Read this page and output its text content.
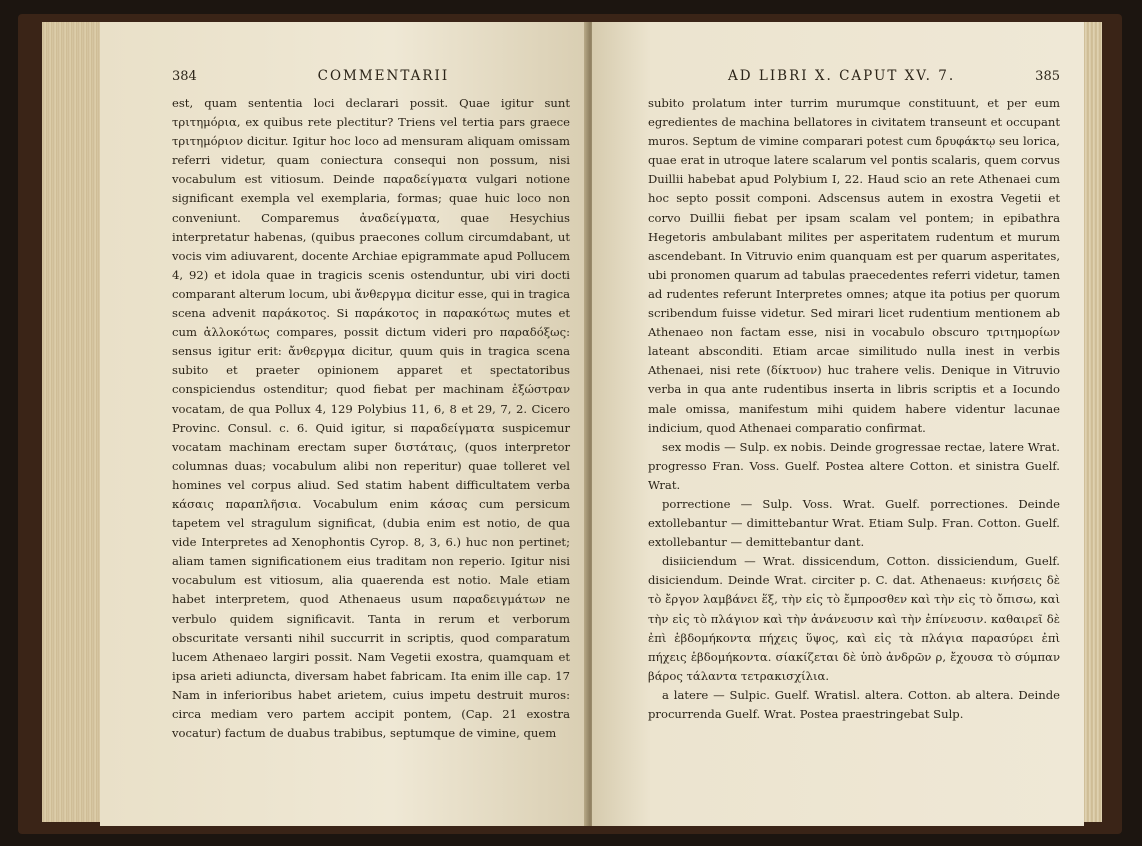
384	COMMENTARII

est, quam sententia loci declarari possit. Quae igitur sunt τριτημόρια, ex quibus rete plectitur? Triens vel tertia pars graece τριτημόριον dicitur. Igitur hoc loco ad mensuram aliquam omissam referri videtur, quam coniectura consequi non possum, nisi vocabulum est vitiosum. Deinde παραδείγματα vulgari notione significant exempla vel exemplaria, formas; quae huic loco non conveniunt. Comparemus ἀναδείγματα, quae Hesychius interpretatur habenas, (quibus praecones collum circumdabant, ut vocis vim adiuvarent, docente Archiae epigrammate apud Pollucem 4, 92) et idola quae in tragicis scenis ostenduntur, ubi viri docti comparant alterum locum, ubi ἄνθεργμα dicitur esse, qui in tragica scena advenit παράκοτος. Si παράκοτος in παρακότως mutes et cum ἀλλοκότως compares, possit dictum videri pro παραδόξως: sensus igitur erit: ἄνθεργμα dicitur, quum quis in tragica scena subito et praeter opinionem apparet et spectatoribus conspiciendus ostenditur; quod fiebat per machinam ἐξώστραν vocatam, de qua Pollux 4, 129 Polybius 11, 6, 8 et 29, 7, 2. Cicero Provinc. Consul. c. 6. Quid igitur, si παραδείγματα suspicemur vocatam machinam erectam super διστάταις, (quos interpretor columnas duas; vocabulum alibi non reperitur) quae tolleret vel homines vel corpus aliud. Sed statim habent difficultatem verba κάσαις παραπλῆσια. Vocabulum enim κάσας cum persicum tapetem vel stragulum significat, (dubia enim est notio, de qua vide Interpretes ad Xenophontis Cyrop. 8, 3, 6.) huc non pertinet; aliam tamen significationem eius traditam non reperio. Igitur nisi vocabulum est vitiosum, alia quaerenda est notio. Male etiam habet interpretem, quod Athenaeus usum παραδειγμάτων ne verbulo quidem significavit. Tanta in rerum et verborum obscuritate versanti nihil succurrit in scriptis, quod comparatum lucem Athenaeo largiri possit. Nam Vegetii exostra, quamquam et ipsa arieti adiuncta, diversam habet fabricam. Ita enim ille cap. 17 Nam in inferioribus habet arietem, cuius impetu destruit muros: circa mediam vero partem accipit pontem, (Cap. 21 exostra vocatur) factum de duabus trabibus, septumque de vimine, quem

AD LIBRI X. CAPUT XV. 7.	385

subito prolatum inter turrim murumque constituunt, et per eum egredientes de machina bellatores in civitatem transeunt et occupant muros. Septum de vimine comparari potest cum δρυφάκτῳ seu lorica, quae erat in utroque latere scalarum vel pontis scalaris, quem corvus Duillii habebat apud Polybium I, 22. Haud scio an rete Athenaei cum hoc septo possit componi. Adscensus autem in exostra Vegetii et corvo Duillii fiebat per ipsam scalam vel pontem; in epibathra Hegetoris ambulabant milites per asperitatem rudentum et murum ascendebant. In Vitruvio enim quanquam est per quarum asperitates, ubi pronomen quarum ad tabulas praecedentes referri videtur, tamen ad rudentes referunt Interpretes omnes; atque ita potius per quorum scribendum fuisse videtur. Sed mirari licet rudentium mentionem ab Athenaeo non factam esse, nisi in vocabulo obscuro τριτημορίων lateant absconditi. Etiam arcae similitudo nulla inest in verbis Athenaei, nisi rete (δίκτυον) huc trahere velis. Denique in Vitruvio verba in qua ante rudentibus inserta in libris scriptis et a Iocundo male omissa, manifestum mihi quidem habere videntur lacunae indicium, quod Athenaei comparatio confirmat.

sex modis — Sulp. ex nobis. Deinde grogressae rectae, latere Wrat. progresso Fran. Voss. Guelf. Postea altere Cotton. et sinistra Guelf. Wrat.

porrectione — Sulp. Voss. Wrat. Guelf. porrectiones. Deinde extollebantur — dimittebantur Wrat. Etiam Sulp. Fran. Cotton. Guelf. extollebantur — demittebantur dant.

disiiciendum — Wrat. dissicendum, Cotton. dissiciendum, Guelf. disiciendum. Deinde Wrat. circiter p. C. dat. Athenaeus: κινήσεις δὲ τὸ ἔργον λαμβάνει ἕξ, τὴν εἰς τὸ ἔμπροσθεν καὶ τὴν εἰς τὸ ὄπισω, καὶ τὴν εἰς τὸ πλάγιον καὶ τὴν ἀνάνευσιν καὶ τὴν ἐπίνευσιν. καθαιρεῖ δὲ ἐπὶ ἑβδομήκοντα πήχεις ὕψος, καὶ εἰς τὰ πλάγια παρασύρει ἐπὶ πήχεις ἑβδομήκοντα. σίακίζεται δὲ ὑπὸ ἀνδρῶν ρ, ἔχουσα τὸ σύμπαν βάρος τάλαντα τετρακισχίλια.

a latere — Sulpic. Guelf. Wratisl. altera. Cotton. ab altera. Deinde procurrenda Guelf. Wrat. Postea praestringebat Sulp.
